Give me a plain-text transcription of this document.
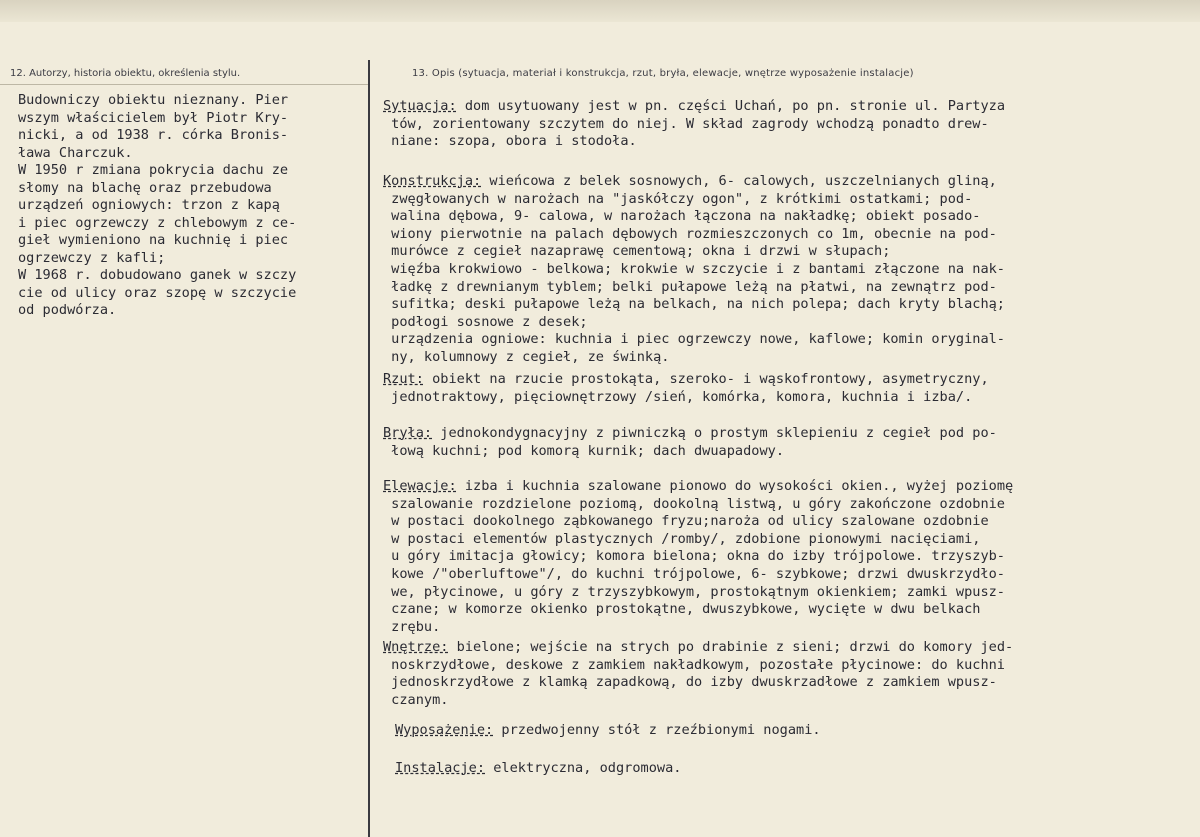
12. Autorzy, historia obiektu, określenia stylu.	13. Opis (sytuacja, materiał i konstrukcja, rzut, bryła, elewacje, wnętrze wyposażenie instalacje)
Budowniczy obiektu nieznany. Pier
wszym właścicielem był Piotr Kry-
nicki, a od 1938 r. córka Bronis-
ława Charczuk.
W 1950 r zmiana pokrycia dachu ze
słomy na blachę oraz przebudowa
urządzeń ogniowych: trzon z kapą
i piec ogrzewczy z chlebowym z ce-
gieł wymieniono na kuchnię i piec
ogrzewczy z kafli;
W 1968 r. dobudowano ganek w szczy
cie od ulicy oraz szopę w szczycie
od podwórza.

Sytuacja: dom usytuowany jest w pn. części Uchań, po pn. stronie ul. Partyza
tów, zorientowany szczytem do niej. W skład zagrody wchodzą ponadto drew-
niane: szopa, obora i stodoła.

Konstrukcja: wieńcowa z belek sosnowych, 6- calowych, uszczelnianych gliną,
zwęgłowanych w narożach na "jaskółczy ogon", z krótkimi ostatkami; pod-
walina dębowa, 9- calowa, w narożach łączona na nakładkę; obiekt posado-
wiony pierwotnie na palach dębowych rozmieszczonych co 1m, obecnie na pod-
murówce z cegieł nazaprawę cementową; okna i drzwi w słupach;
więźba krokwiowo - belkowa; krokwie w szczycie i z bantami złączone na nak-
ładkę z drewnianym tyblem; belki pułapowe leżą na płatwi, na zewnątrz pod-
sufitka; deski pułapowe leżą na belkach, na nich polepa; dach kryty blachą;
podłogi sosnowe z desek;
urządzenia ogniowe: kuchnia i piec ogrzewczy nowe, kaflowe; komin oryginal-
ny, kolumnowy z cegieł, ze świnką.

Rzut: obiekt na rzucie prostokąta, szeroko- i wąskofrontowy, asymetryczny,
jednotraktowy, pięciownętrzowy /sień, komórka, komora, kuchnia i izba/.

Bryła: jednokondygnacyjny z piwniczką o prostym sklepieniu z cegieł pod po-
łową kuchni; pod komorą kurnik; dach dwuapadowy.

Elewacje: izba i kuchnia szalowane pionowo do wysokości okien., wyżej poziomę
szalowanie rozdzielone poziomą, dookolną listwą, u góry zakończone ozdobnie
w postaci dookolnego ząbkowanego fryzu;naroża od ulicy szalowane ozdobnie
w postaci elementów plastycznych /romby/, zdobione pionowymi nacięciami,
u góry imitacja głowicy; komora bielona; okna do izby trójpolowe. trzyszyb-
kowe /"oberluftowe"/, do kuchni trójpolowe, 6- szybkowe; drzwi dwuskrzydło-
we, płycinowe, u góry z trzyszybkowym, prostokątnym okienkiem; zamki wpusz-
czane; w komorze okienko prostokątne, dwuszybkowe, wycięte w dwu belkach
zrębu.

Wnętrze: bielone; wejście na strych po drabinie z sieni; drzwi do komory jed-
noskrzydłowe, deskowe z zamkiem nakładkowym, pozostałe płycinowe: do kuchni
jednoskrzydłowe z klamką zapadkową, do izby dwuskrzadłowe z zamkiem wpusz-
czanym.

Wyposażenie: przedwojenny stół z rzeźbionymi nogami.

Instalacje: elektryczna, odgromowa.
